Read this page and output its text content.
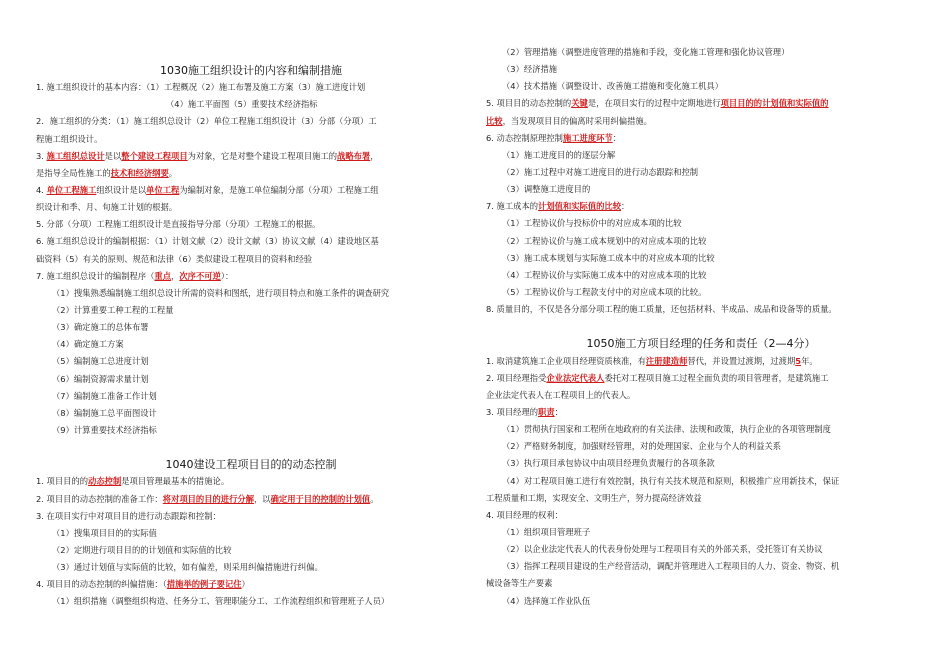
1030施工组织设计的内容和编制措施
1. 施工组织设计的基本内容：（1）工程概况（2）施工布署及施工方案（3）施工进度计划
（4）施工平面图（5）重要技术经济指标
2．施工组织的分类：（1）施工组织总设计（2）单位工程施工组织设计（3）分部（分项）工
程施工组织设计。
3. 施工组织总设计是以整个建设工程项目为对象，它是对整个建设工程项目施工的战略布署，
是指导全局性施工的技术和经济纲要。
4. 单位工程施工组织设计是以单位工程为编制对象，是施工单位编制分部（分项）工程施工组
织设计和季、月、旬施工计划的根据。
5. 分部（分项）工程施工组织设计是直接指导分部（分项）工程施工的根据。
6. 施工组织总设计的编制根据：（1）计划文献（2）设计文献（3）协议文献（4）建设地区基
础资料（5）有关的原则、规范和法律（6）类似建设工程项目的资料和经验
7. 施工组织总设计的编制程序（重点，次序不可逆）：
（1）搜集熟悉编制施工组织总设计所需的资料和图纸，进行项目特点和施工条件的调查研究
（2）计算重要工种工程的工程量
（3）确定施工的总体布署
（4）确定施工方案
（5）编制施工总进度计划
（6）编制资源需求量计划
（7）编制施工准备工作计划
（8）编制施工总平面图设计
（9）计算重要技术经济指标
1040建设工程项目目的的动态控制
1. 项目目的的动态控制是项目管理最基本的措施论。
2. 项目目的动态控制的准备工作：将对项目的目的进行分解，以确定用于目的控制的计划值。
3. 在项目实行中对项目目的进行动态跟踪和控制：
（1）搜集项目目的的实际值
（2）定期进行项目目的的计划值和实际值的比较
（3）通过计划值与实际值的比较，如有偏差，则采用纠偏措施进行纠偏。
4. 项目目的动态控制的纠偏措施：（措施举的例子要记住）
（1）组织措施（调整组织构造、任务分工、管理职能分工、工作流程组织和管理班子人员）
（2）管理措施（调整进度管理的措施和手段，变化施工管理和强化协议管理）
（3）经济措施
（4）技术措施（调整设计、改善施工措施和变化施工机具）
5. 项目目的动态控制的关键是，在项目实行的过程中定期地进行项目目的的计划值和实际值的
比较，当发现项目目的偏离时采用纠偏措施。
6. 动态控制原理控制施工进度环节：
（1）施工进度目的的逐层分解
（2）施工过程中对施工进度目的进行动态跟踪和控制
（3）调整施工进度目的
7. 施工成本的计划值和实际值的比较：
（1）工程协议价与投标价中的对应成本项的比较
（2）工程协议价与施工成本规划中的对应成本项的比较
（3）施工成本规划与实际施工成本中的对应成本项的比较
（4）工程协议价与实际施工成本中的对应成本项的比较
（5）工程协议价与工程款支付中的对应成本项的比较。
8. 质量目的，不仅是各分部分项工程的施工质量，还包括材料、半成品、成品和设备等的质量。
1050施工方项目经理的任务和责任（2—4分）
1. 取消建筑施工企业项目经理资质核准，有注册建造师替代，并设置过渡期，过渡期5年。
2. 项目经理指受企业法定代表人委托对工程项目施工过程全面负责的项目管理者，是建筑施工
企业法定代表人在工程项目上的代表人。
3. 项目经理的职责：
（1）贯彻执行国家和工程所在地政府的有关法律、法规和政策，执行企业的各项管理制度
（2）严格财务制度，加强财经管理，对的处理国家、企业与个人的利益关系
（3）执行项目承包协议中由项目经理负责履行的各项条款
（4）对工程项目施工进行有效控制，执行有关技术规范和原则，积极推广应用新技术，保证
工程质量和工期，实现安全、文明生产，努力提高经济效益
4. 项目经理的权利：
（1）组织项目管理班子
（2）以企业法定代表人的代表身份处理与工程项目有关的外部关系，受托签订有关协议
（3）指挥工程项目建设的生产经营活动，调配并管理进入工程项目的人力、资金、物资、机
械设备等生产要素
（4）选择施工作业队伍
